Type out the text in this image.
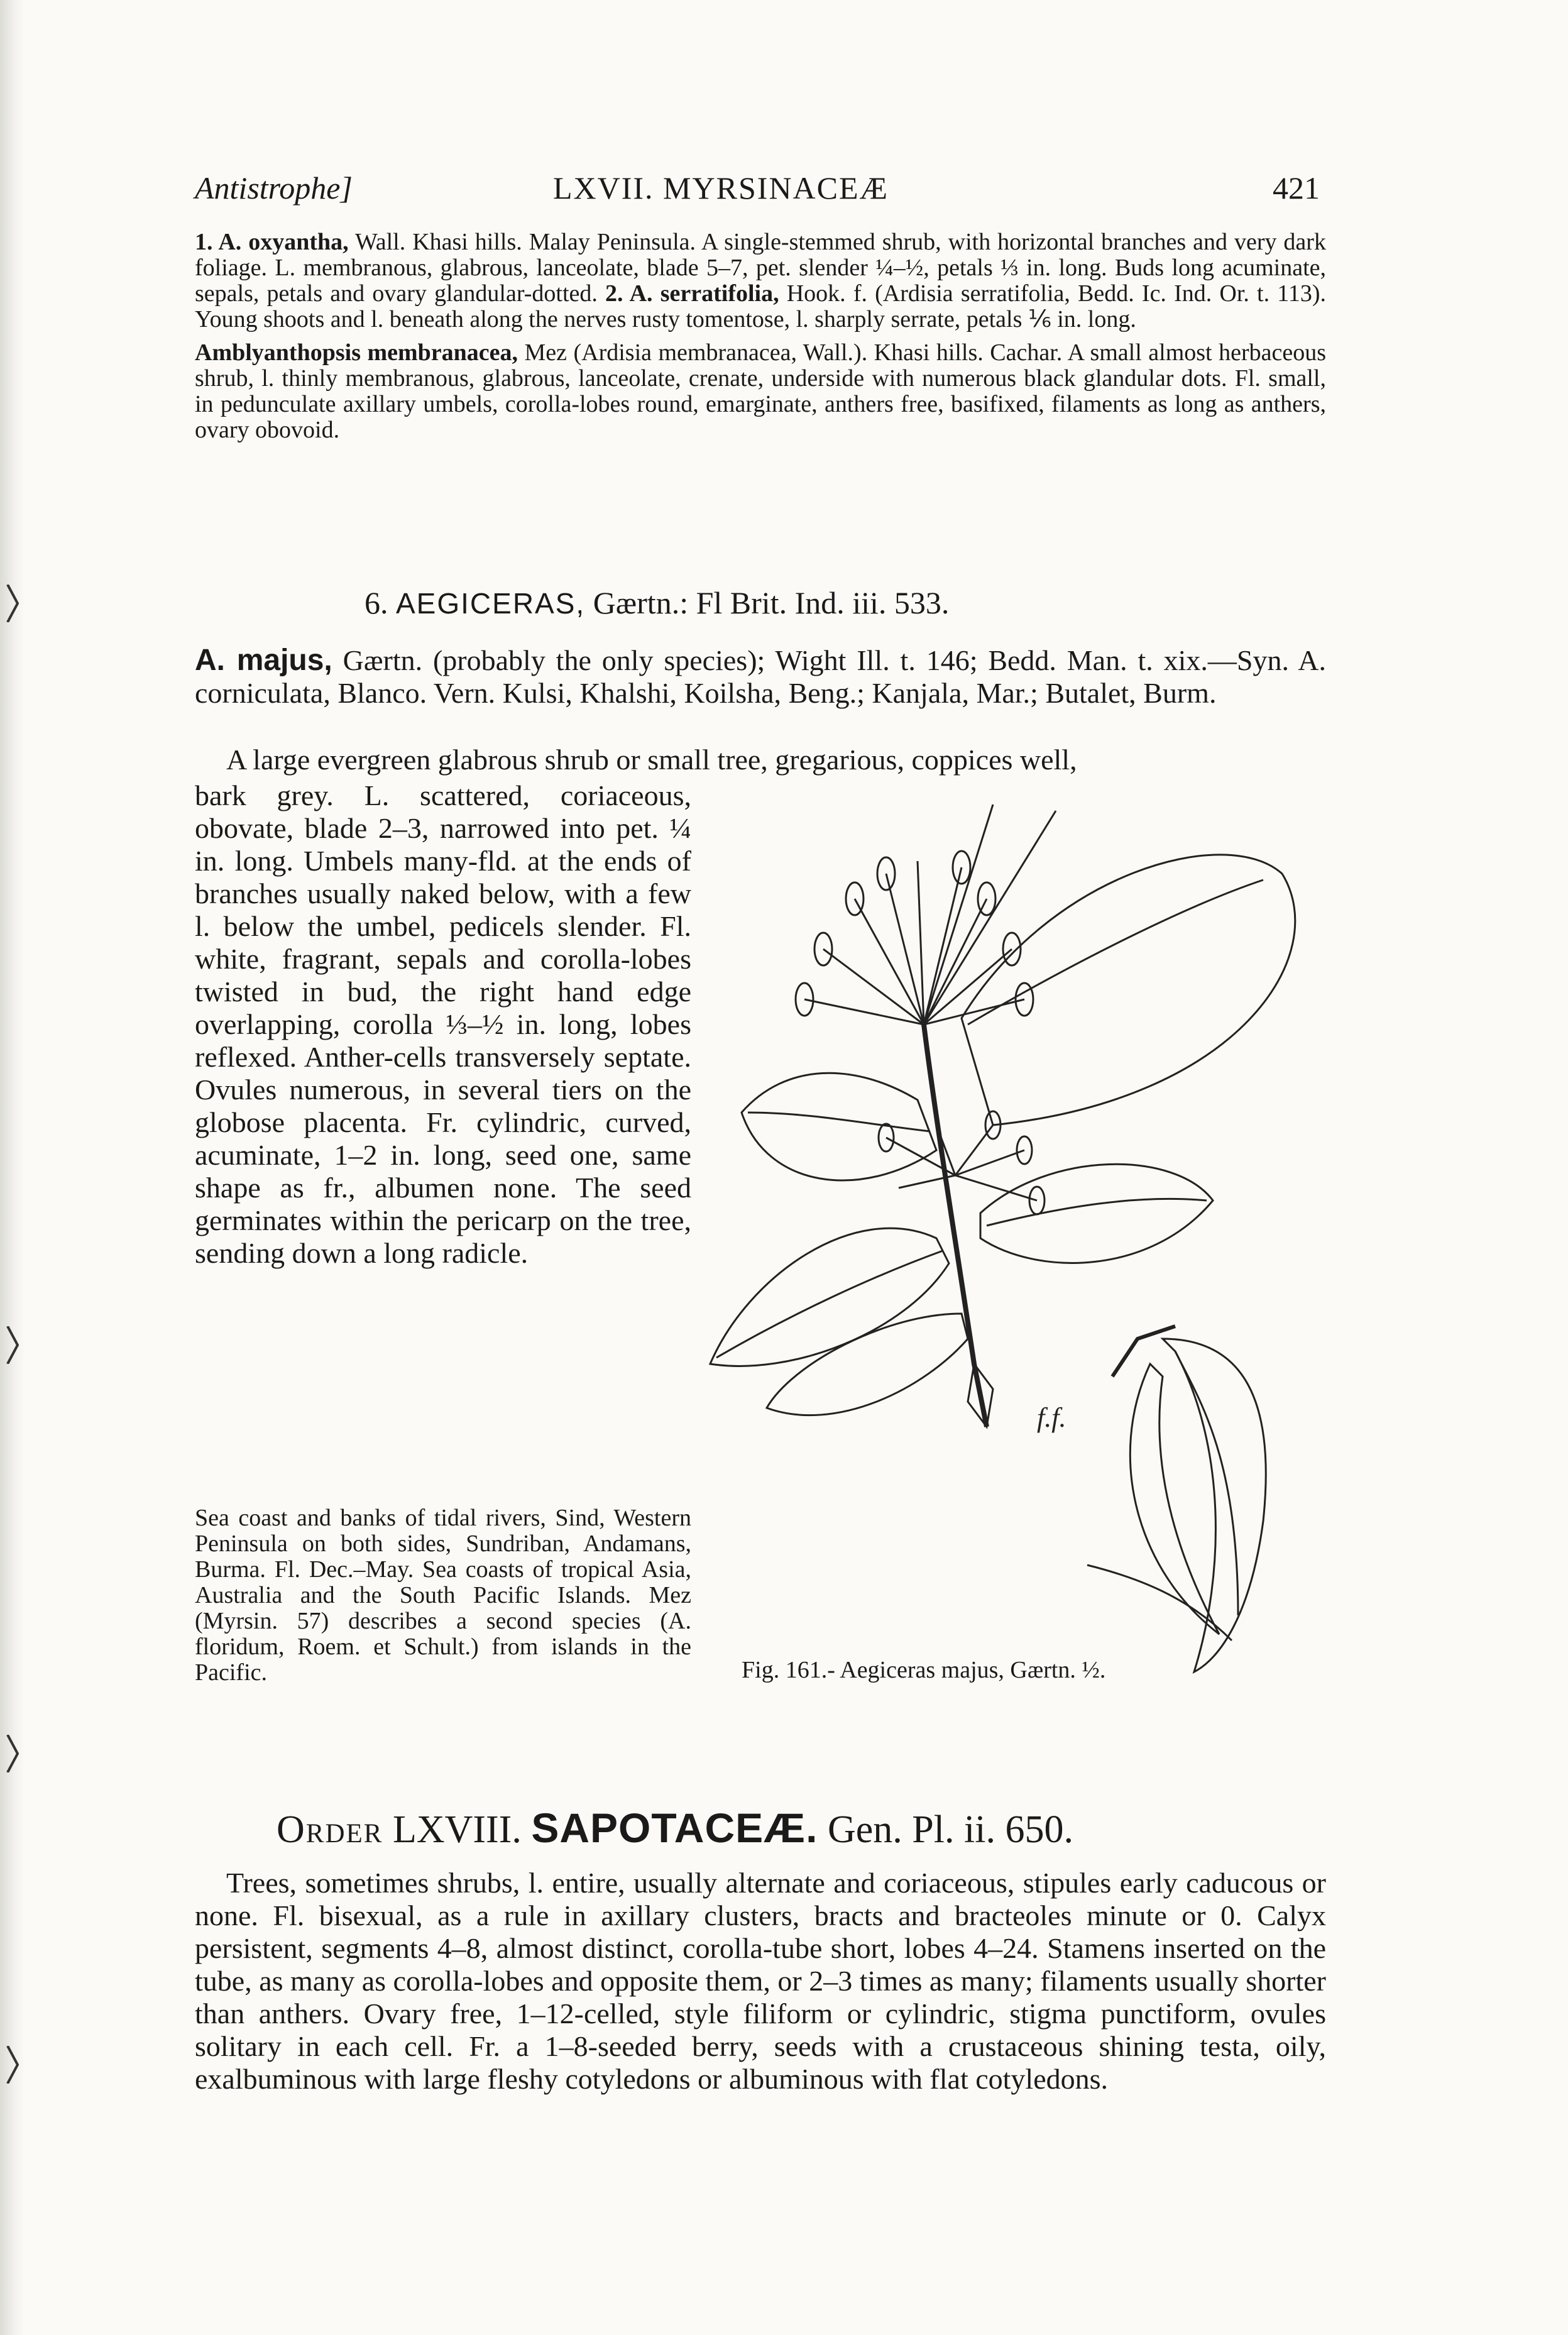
Antistrophe]	LXVII. MYRSINACEÆ	421

1. A. oxyantha, Wall. Khasi hills. Malay Peninsula. A single-stemmed shrub, with horizontal branches and very dark foliage. L. membranous, glabrous, lanceolate, blade 5–7, pet. slender ¼–½, petals ⅓ in. long. Buds long acuminate, sepals, petals and ovary glandular-dotted. 2. A. serratifolia, Hook. f. (Ardisia serratifolia, Bedd. Ic. Ind. Or. t. 113). Young shoots and l. beneath along the nerves rusty tomentose, l. sharply serrate, petals ⅙ in. long.

Amblyanthopsis membranacea, Mez (Ardisia membranacea, Wall.). Khasi hills. Cachar. A small almost herbaceous shrub, l. thinly membranous, glabrous, lanceolate, crenate, underside with numerous black glandular dots. Fl. small, in pedunculate axillary umbels, corolla-lobes round, emarginate, anthers free, basifixed, filaments as long as anthers, ovary obovoid.

6. AEGICERAS, Gærtn.: Fl Brit. Ind. iii. 533.

A. majus, Gærtn. (probably the only species); Wight Ill. t. 146; Bedd. Man. t. xix.—Syn. A. corniculata, Blanco. Vern. Kulsi, Khalshi, Koilsha, Beng.; Kanjala, Mar.; Butalet, Burm.

A large evergreen glabrous shrub or small tree, gregarious, coppices well,

bark grey. L. scattered, coriaceous, obovate, blade 2–3, narrowed into pet. ¼ in. long. Umbels many-fld. at the ends of branches usually naked below, with a few l. below the umbel, pedicels slender. Fl. white, fragrant, sepals and corolla-lobes twisted in bud, the right hand edge overlapping, corolla ⅓–½ in. long, lobes reflexed. Anther-cells transversely septate. Ovules numerous, in several tiers on the globose placenta. Fr. cylindric, curved, acuminate, 1–2 in. long, seed one, same shape as fr., albumen none. The seed germinates within the pericarp on the tree, sending down a long radicle.

Sea coast and banks of tidal rivers, Sind, Western Peninsula on both sides, Sundriban, Andamans, Burma. Fl. Dec.–May. Sea coasts of tropical Asia, Australia and the South Pacific Islands. Mez (Myrsin. 57) describes a second species (A. floridum, Roem. et Schult.) from islands in the Pacific.
f.f.
Fig. 161.- Aegiceras majus, Gærtn. ½.
Order LXVIII. SAPOTACEÆ. Gen. Pl. ii. 650.

Trees, sometimes shrubs, l. entire, usually alternate and coriaceous, stipules early caducous or none. Fl. bisexual, as a rule in axillary clusters, bracts and bracteoles minute or 0. Calyx persistent, segments 4–8, almost distinct, corolla-tube short, lobes 4–24. Stamens inserted on the tube, as many as corolla-lobes and opposite them, or 2–3 times as many; filaments usually shorter than anthers. Ovary free, 1–12-celled, style filiform or cylindric, stigma punctiform, ovules solitary in each cell. Fr. a 1–8-seeded berry, seeds with a crustaceous shining testa, oily, exalbuminous with large fleshy cotyledons or albuminous with flat cotyledons.
